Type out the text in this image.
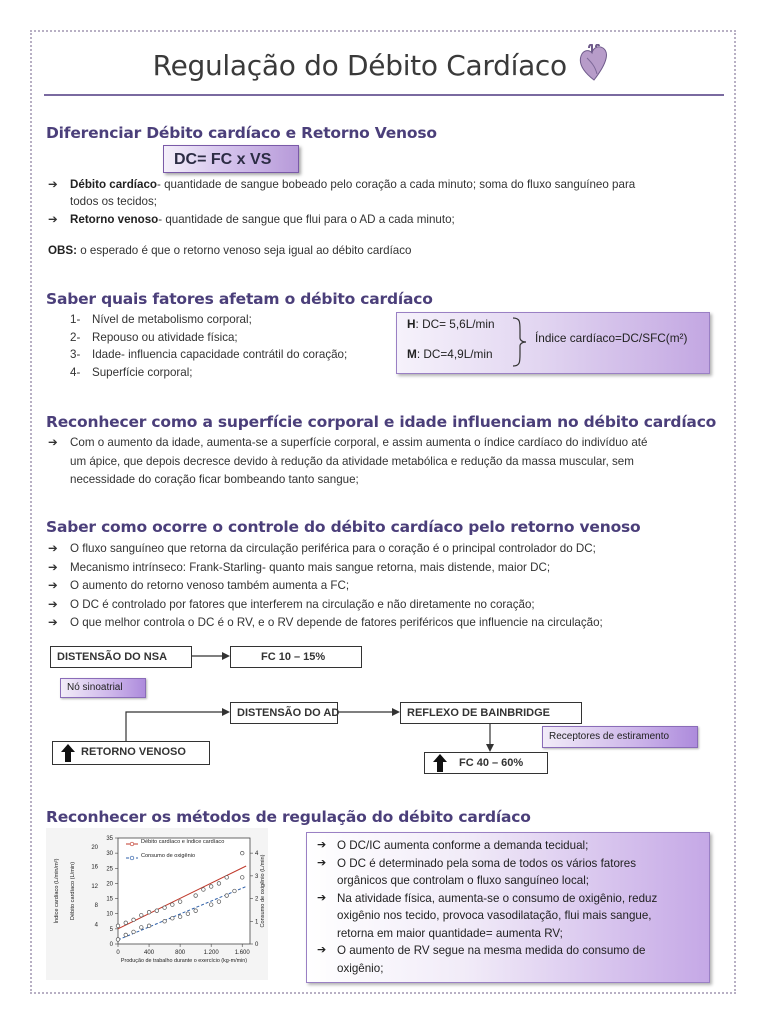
Regulação do Débito Cardíaco
Diferenciar Débito cardíaco e Retorno Venoso
DC= FC x VS
➔ Débito cardíaco- quantidade de sangue bobeado pelo coração a cada minuto; soma do fluxo sanguíneo para
todos os tecidos;
➔ Retorno venoso- quantidade de sangue que flui para o AD a cada minuto;
OBS: o esperado é que o retorno venoso seja igual ao débito cardíaco
Saber quais fatores afetam o débito cardíaco
1- Nível de metabolismo corporal;
2- Repouso ou atividade física;
3- Idade- influencia capacidade contrátil do coração;
4- Superfície corporal;
H: DC= 5,6L/min
M: DC=4,9L/min
Índice cardíaco=DC/SFC(m²)
Reconhecer como a superfície corporal e idade influenciam no débito cardíaco
➔ Com o aumento da idade, aumenta-se a superfície corporal, e assim aumenta o índice cardíaco do indivíduo até
um ápice, que depois decresce devido à redução da atividade metabólica e redução da massa muscular, sem
necessidade do coração ficar bombeando tanto sangue;
Saber como ocorre o controle do débito cardíaco pelo retorno venoso
➔ O fluxo sanguíneo que retorna da circulação periférica para o coração é o principal controlador do DC;
➔ Mecanismo intrínseco: Frank-Starling- quanto mais sangue retorna, mais distende, maior DC;
➔ O aumento do retorno venoso também aumenta a FC;
➔ O DC é controlado por fatores que interferem na circulação e não diretamente no coração;
➔ O que melhor controla o DC é o RV, e o RV depende de fatores periféricos que influencie na circulação;
DISTENSÃO DO NSA	FC 10 – 15%
Nó sinoatrial
DISTENSÃO DO AD	REFLEXO DE BAINBRIDGE
RETORNO VENOSO
Receptores de estiramento
FC 40 – 60%
Reconhecer os métodos de regulação do débito cardíaco
0
5
10
15
20
25
30
35
4
8
12
16
20
0
1
2
3
4
0	400	800	1.200	1.600
Produção de trabalho durante o exercício (kg-m/min)
Índice cardíaco (L/min/m²) Débito cardíaco (L/min)	Consumo de oxigênio (L/min)
Débito cardíaco e índice cardíaco
Consumo de oxigênio
➔ O DC/IC aumenta conforme a demanda tecidual;
➔ O DC é determinado pela soma de todos os vários fatores
orgânicos que controlam o fluxo sanguíneo local;
➔ Na atividade física, aumenta-se o consumo de oxigênio, reduz
oxigênio nos tecido, provoca vasodilatação, flui mais sangue,
retorna em maior quantidade= aumenta RV;
➔ O aumento de RV segue na mesma medida do consumo de
oxigênio;
